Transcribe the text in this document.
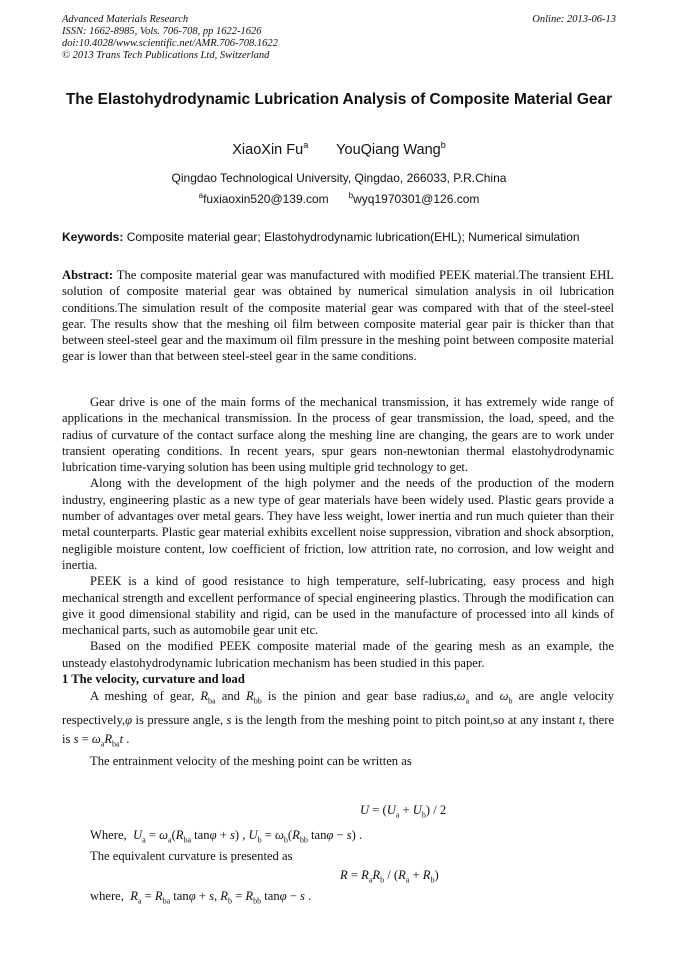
Advanced Materials Research
ISSN: 1662-8985, Vols. 706-708, pp 1622-1626
doi:10.4028/www.scientific.net/AMR.706-708.1622
© 2013 Trans Tech Publications Ltd, Switzerland
Online: 2013-06-13
The Elastohydrodynamic Lubrication Analysis of Composite Material Gear
XiaoXin Fu$^a$ YouQiang Wang$^b$
Qingdao Technological University, Qingdao, 266033, P.R.China
$^a$fuxiaoxin520@139.com	$^b$wyq1970301@126.com
Keywords: Composite material gear; Elastohydrodynamic lubrication(EHL); Numerical simulation

Abstract: The composite material gear was manufactured with modified PEEK material.The transient EHL solution of composite material gear was obtained by numerical simulation analysis in oil lubrication conditions.The simulation result of the composite material gear was compared with that of the steel-steel gear. The results show that the meshing oil film between composite material gear pair is thicker than that between steel-steel gear and the maximum oil film pressure in the meshing point between composite material gear is lower than that between steel-steel gear in the same conditions.

Gear drive is one of the main forms of the mechanical transmission, it has extremely wide range of applications in the mechanical transmission. In the process of gear transmission, the load, speed, and the radius of curvature of the contact surface along the meshing line are changing, the gears are to work under transient operating conditions. In recent years, spur gears non-newtonian thermal elastohydrodynamic lubrication time-varying solution has been using multiple grid technology to get.

Along with the development of the high polymer and the needs of the production of the modern industry, engineering plastic as a new type of gear materials have been widely used. Plastic gears provide a number of advantages over metal gears. They have less weight, lower inertia and run much quieter than their metal counterparts. Plastic gear material exhibits excellent noise suppression, vibration and shock absorption, negligible moisture content, low coefficient of friction, low attrition rate, no corrosion, and low weight and inertia.

PEEK is a kind of good resistance to high temperature, self-lubricating, easy process and high mechanical strength and excellent performance of special engineering plastics. Through the modification can give it good dimensional stability and rigid, can be used in the manufacture of processed into all kinds of mechanical parts, such as automobile gear unit etc.

Based on the modified PEEK composite material made of the gearing mesh as an example, the unsteady elastohydrodynamic lubrication mechanism has been studied in this paper.

1 The velocity, curvature and load

A meshing of gear, $R_{ba}$ and $R_{bb}$ is the pinion and gear base $radius,\omega_a$ and $\omega_b$ are angle velocity respectively,φ is pressure angle, s is the length from the meshing point to pitch point,so at any instant t, there is $s = \omega_aR_{ba}t$ .

The entrainment velocity of the meshing point can be written as

$U = (U_a + U_b) / 2$
Where, $U_a = \omega_a(R_{ba}$ tanφ + s) , $U_b = \omega_b(R_{bb}$ tanφ − s) .
The equivalent curvature is presented as
$R = R_aR_b / (R_a + R_b)$
where, $R_a = R_{ba}$ tanφ + s, $R_b = R_{bb}$ tanφ − s .
